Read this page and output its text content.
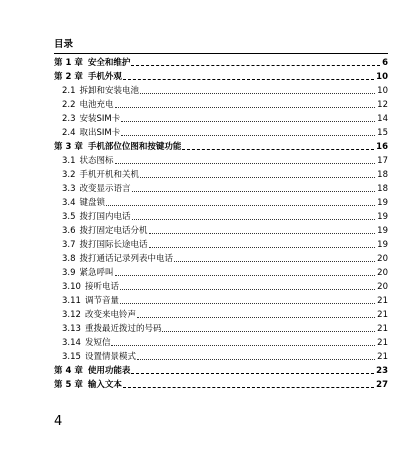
目录
第 1 章 安全和维护	6
第 2 章 手机外观	10
2.1 拆卸和安装电池	10
2.2 电池充电	12
2.3 安装SIM卡	14
2.4 取出SIM卡	15
第 3 章 手机部位位图和按键功能	16
3.1 状态图标	17
3.2 手机开机和关机	18
3.3 改变显示语言	18
3.4 键盘锁	19
3.5 拨打国内电话	19
3.6 拨打固定电话分机	19
3.7 拨打国际长途电话	19
3.8 拨打通话记录列表中电话	20
3.9 紧急呼叫	20
3.10 接听电话	20
3.11 调节音量	21
3.12 改变来电铃声	21
3.13 重拨最近拨过的号码	21
3.14 发短信	21
3.15 设置情景模式	21
第 4 章 使用功能表	23
第 5 章 输入文本	27
4
